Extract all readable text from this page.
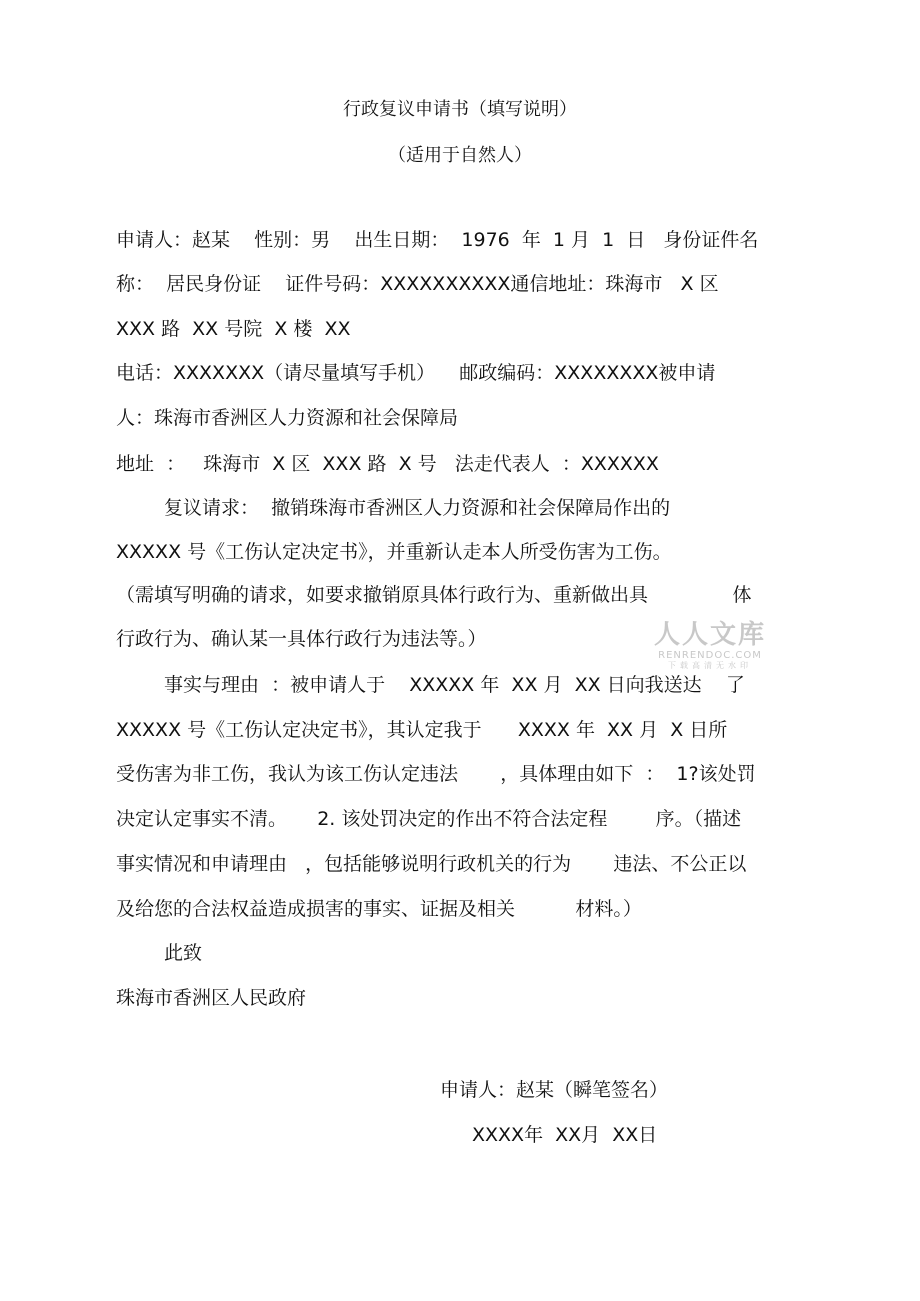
行政复议申请书（填写说明）
（适用于自然人）
申请人：赵某    性别：男    出生日期：  1976  年  1 月  1  日   身份证件名
称：  居民身份证    证件号码：XXXXXXXXXX通信地址：珠海市   X 区
XXX 路  XX 号院  X 楼  XX
电话：XXXXXXX（请尽量填写手机）    邮政编码：XXXXXXXX被申请
人：珠海市香洲区人力资源和社会保障局
地址  ：   珠海市  X 区  XXX 路  X 号   法走代表人  ：XXXXXX
复议请求：  撤销珠海市香洲区人力资源和社会保障局作出的
XXXXX 号《工伤认定决定书》，并重新认走本人所受伤害为工伤。
（需填写明确的请求，如要求撤销原具体行政行为、重新做出具              体
行政行为、确认某一具体行政行为违法等。）
事实与理由  ：被申请人于    XXXXX 年  XX 月  XX 日向我送达    了
XXXXX 号《工伤认定决定书》，其认定我于      XXXX 年  XX 月  X 日所
受伤害为非工伤，我认为该工伤认定违法       ，具体理由如下  ：  1?该处罚
决定认定事实不清。     2. 该处罚决定的作出不符合法定程        序。（描述
事实情况和申请理由   ，包括能够说明行政机关的行为       违法、不公正以
及给您的合法权益造成损害的事实、证据及相关          材料。）
此致
珠海市香洲区人民政府
申请人：赵某（瞬笔签名）
XXXX年  XX月  XX日
人人文库
RENRENDOC.COM
下载高清无水印
